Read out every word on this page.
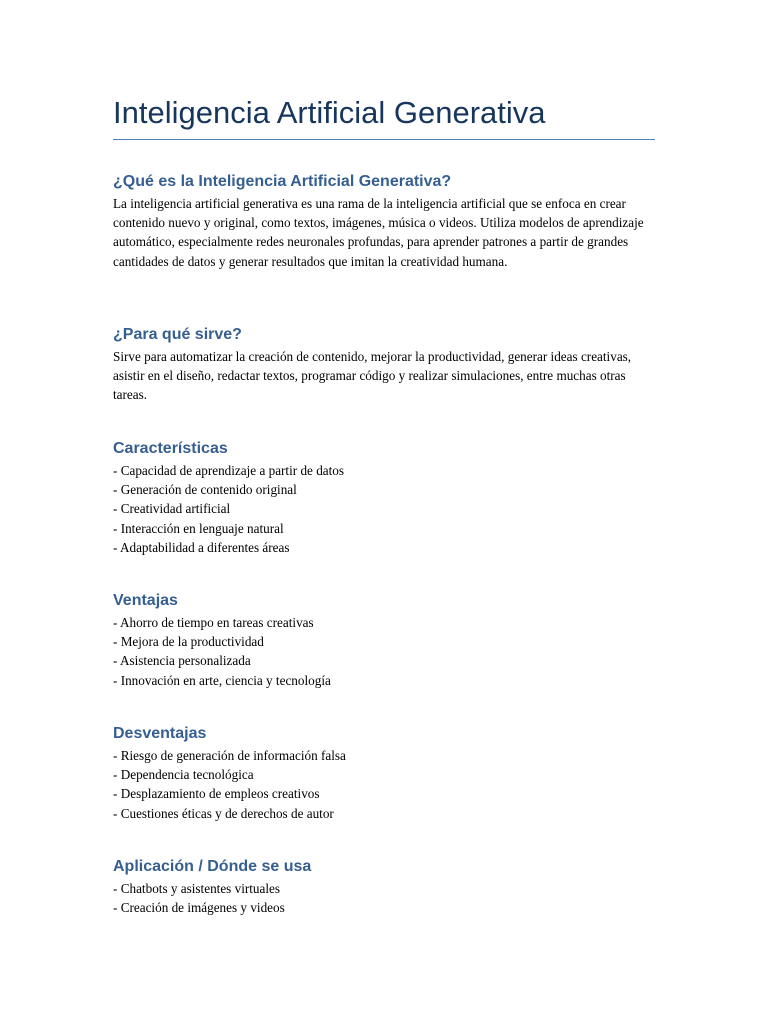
Inteligencia Artificial Generativa
¿Qué es la Inteligencia Artificial Generativa?

La inteligencia artificial generativa es una rama de la inteligencia artificial que se enfoca en crear contenido nuevo y original, como textos, imágenes, música o videos. Utiliza modelos de aprendizaje automático, especialmente redes neuronales profundas, para aprender patrones a partir de grandes cantidades de datos y generar resultados que imitan la creatividad humana.

¿Para qué sirve?

Sirve para automatizar la creación de contenido, mejorar la productividad, generar ideas creativas, asistir en el diseño, redactar textos, programar código y realizar simulaciones, entre muchas otras tareas.

Características
- Capacidad de aprendizaje a partir de datos
- Generación de contenido original
- Creatividad artificial
- Interacción en lenguaje natural
- Adaptabilidad a diferentes áreas
Ventajas
- Ahorro de tiempo en tareas creativas
- Mejora de la productividad
- Asistencia personalizada
- Innovación en arte, ciencia y tecnología
Desventajas
- Riesgo de generación de información falsa
- Dependencia tecnológica
- Desplazamiento de empleos creativos
- Cuestiones éticas y de derechos de autor
Aplicación / Dónde se usa
- Chatbots y asistentes virtuales
- Creación de imágenes y videos
